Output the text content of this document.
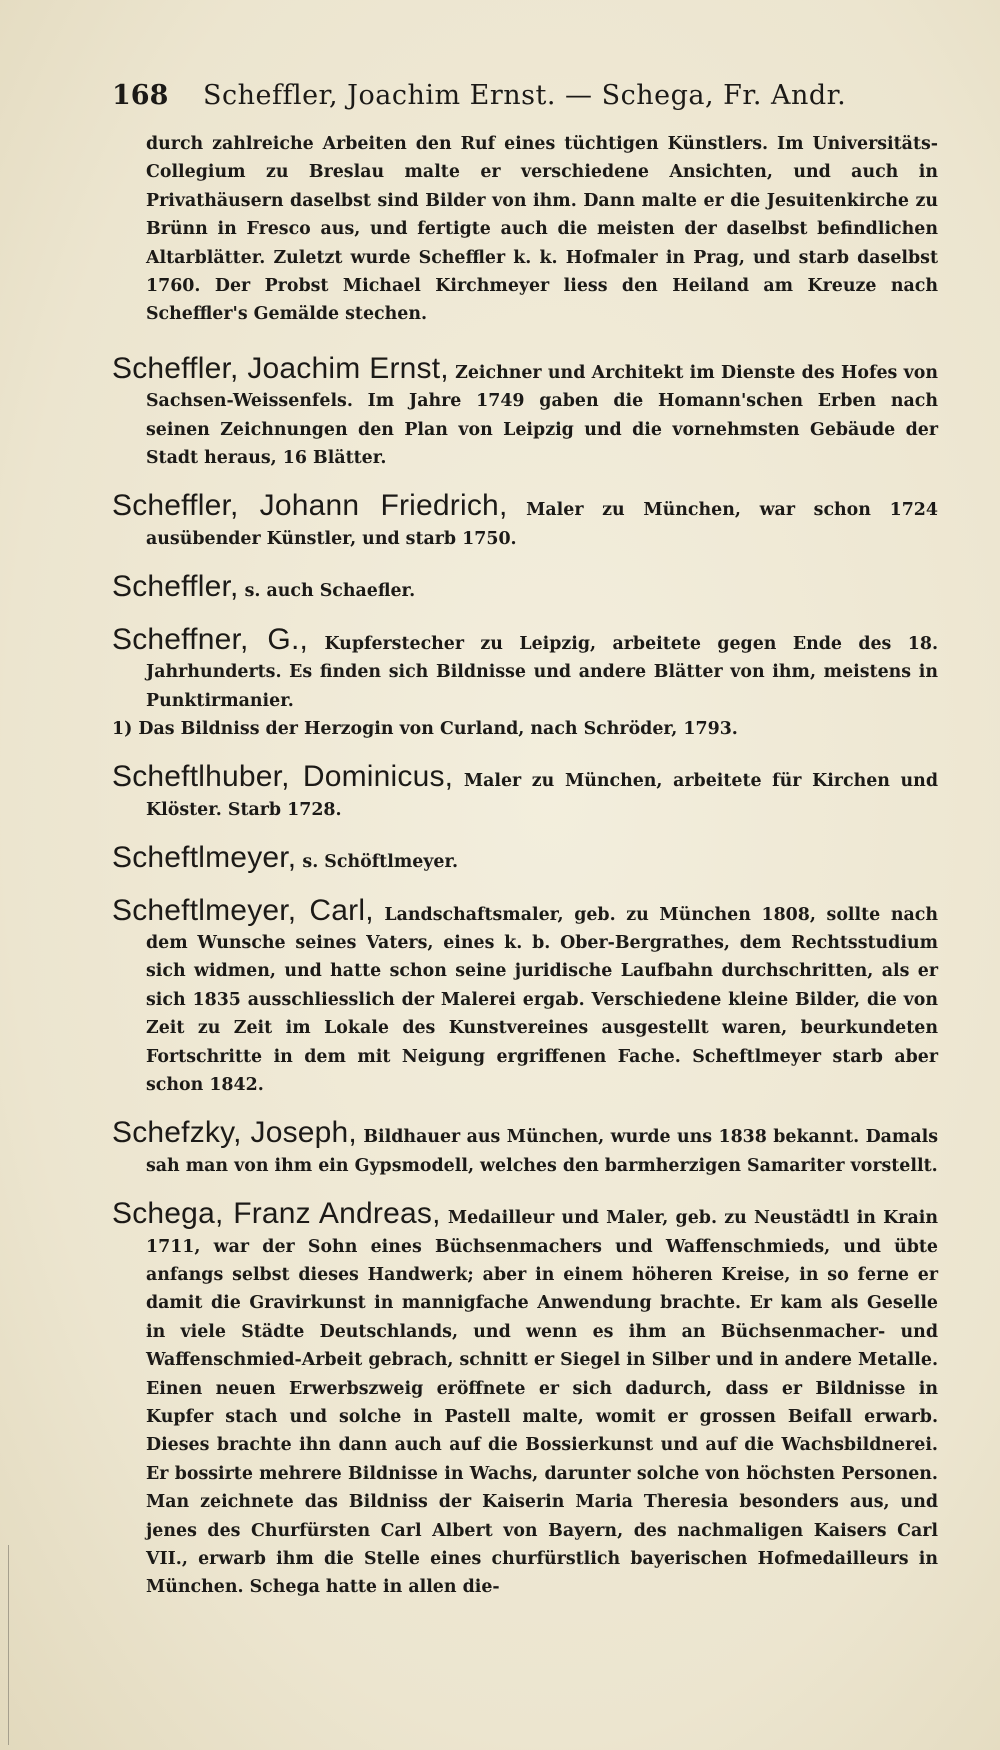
168 Scheffler, Joachim Ernst. — Schega, Fr. Andr.

durch zahlreiche Arbeiten den Ruf eines tüchtigen Künstlers. Im Universitäts-Collegium zu Breslau malte er verschiedene Ansichten, und auch in Privathäusern daselbst sind Bilder von ihm. Dann malte er die Jesuitenkirche zu Brünn in Fresco aus, und fertigte auch die meisten der daselbst befindlichen Altarblätter. Zuletzt wurde Scheffler k. k. Hofmaler in Prag, und starb daselbst 1760. Der Probst Michael Kirchmeyer liess den Heiland am Kreuze nach Scheffler's Gemälde stechen.

Scheffler, Joachim Ernst, Zeichner und Architekt im Dienste des Hofes von Sachsen-Weissenfels. Im Jahre 1749 gaben die Homann'schen Erben nach seinen Zeichnungen den Plan von Leipzig und die vornehmsten Gebäude der Stadt heraus, 16 Blätter.

Scheffler, Johann Friedrich, Maler zu München, war schon 1724 ausübender Künstler, und starb 1750.

Scheffler, s. auch Schaefler.

Scheffner, G., Kupferstecher zu Leipzig, arbeitete gegen Ende des 18. Jahrhunderts. Es finden sich Bildnisse und andere Blätter von ihm, meistens in Punktirmanier.

1) Das Bildniss der Herzogin von Curland, nach Schröder, 1793.

Scheftlhuber, Dominicus, Maler zu München, arbeitete für Kirchen und Klöster. Starb 1728.

Scheftlmeyer, s. Schöftlmeyer.

Scheftlmeyer, Carl, Landschaftsmaler, geb. zu München 1808, sollte nach dem Wunsche seines Vaters, eines k. b. Ober-Bergrathes, dem Rechtsstudium sich widmen, und hatte schon seine juridische Laufbahn durchschritten, als er sich 1835 ausschliesslich der Malerei ergab. Verschiedene kleine Bilder, die von Zeit zu Zeit im Lokale des Kunstvereines ausgestellt waren, beurkundeten Fortschritte in dem mit Neigung ergriffenen Fache. Scheftlmeyer starb aber schon 1842.

Schefzky, Joseph, Bildhauer aus München, wurde uns 1838 bekannt. Damals sah man von ihm ein Gypsmodell, welches den barmherzigen Samariter vorstellt.

Schega, Franz Andreas, Medailleur und Maler, geb. zu Neustädtl in Krain 1711, war der Sohn eines Büchsenmachers und Waffenschmieds, und übte anfangs selbst dieses Handwerk; aber in einem höheren Kreise, in so ferne er damit die Gravirkunst in mannigfache Anwendung brachte. Er kam als Geselle in viele Städte Deutschlands, und wenn es ihm an Büchsenmacher- und Waffenschmied-Arbeit gebrach, schnitt er Siegel in Silber und in andere Metalle. Einen neuen Erwerbszweig eröffnete er sich dadurch, dass er Bildnisse in Kupfer stach und solche in Pastell malte, womit er grossen Beifall erwarb. Dieses brachte ihn dann auch auf die Bossierkunst und auf die Wachsbildnerei. Er bossirte mehrere Bildnisse in Wachs, darunter solche von höchsten Personen. Man zeichnete das Bildniss der Kaiserin Maria Theresia besonders aus, und jenes des Churfürsten Carl Albert von Bayern, des nachmaligen Kaisers Carl VII., erwarb ihm die Stelle eines churfürstlich bayerischen Hofmedailleurs in München. Schega hatte in allen die-
